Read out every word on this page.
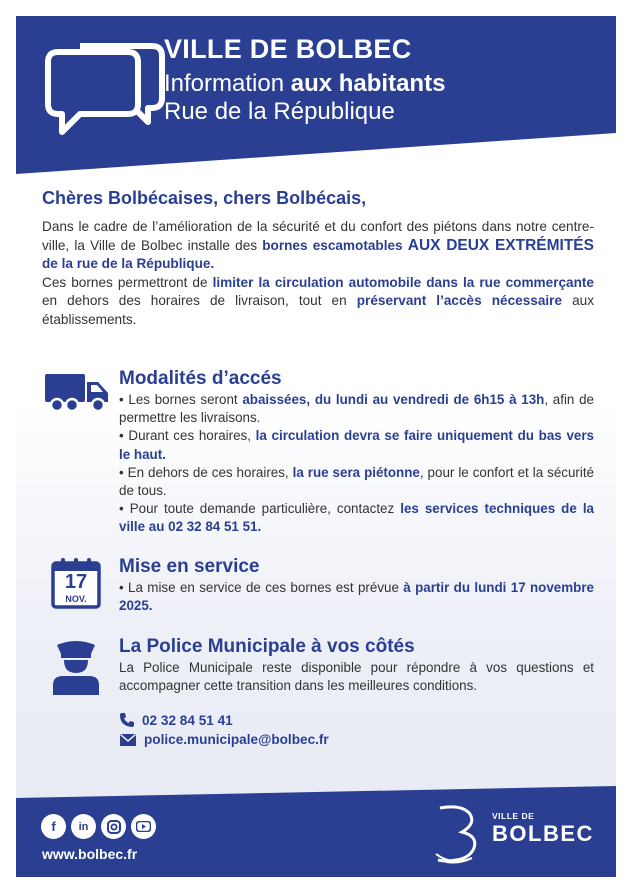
VILLE DE BOLBEC
Information aux habitants
Rue de la République
Chères Bolbécaises, chers Bolbécais,
Dans le cadre de l’amélioration de la sécurité et du confort des piétons dans notre centre-ville, la Ville de Bolbec installe des bornes escamotables AUX DEUX EXTRÉMITÉS de la rue de la République.
Ces bornes permettront de limiter la circulation automobile dans la rue commerçante en dehors des horaires de livraison, tout en préservant l’accès nécessaire aux établissements.
Modalités d’accés
• Les bornes seront abaissées, du lundi au vendredi de 6h15 à 13h, afin de permettre les livraisons.
• Durant ces horaires, la circulation devra se faire uniquement du bas vers le haut.
• En dehors de ces horaires, la rue sera piétonne, pour le confort et la sécurité de tous.
• Pour toute demande particulière, contactez les services techniques de la ville au 02 32 84 51 51.
17
NOV.
Mise en service
• La mise en service de ces bornes est prévue à partir du lundi 17 novembre 2025.
La Police Municipale à vos côtés
La Police Municipale reste disponible pour répondre à vos questions et accompagner cette transition dans les meilleures conditions.
02 32 84 51 41
police.municipale@bolbec.fr
f	in
www.bolbec.fr
VILLE DE
BOLBEC
